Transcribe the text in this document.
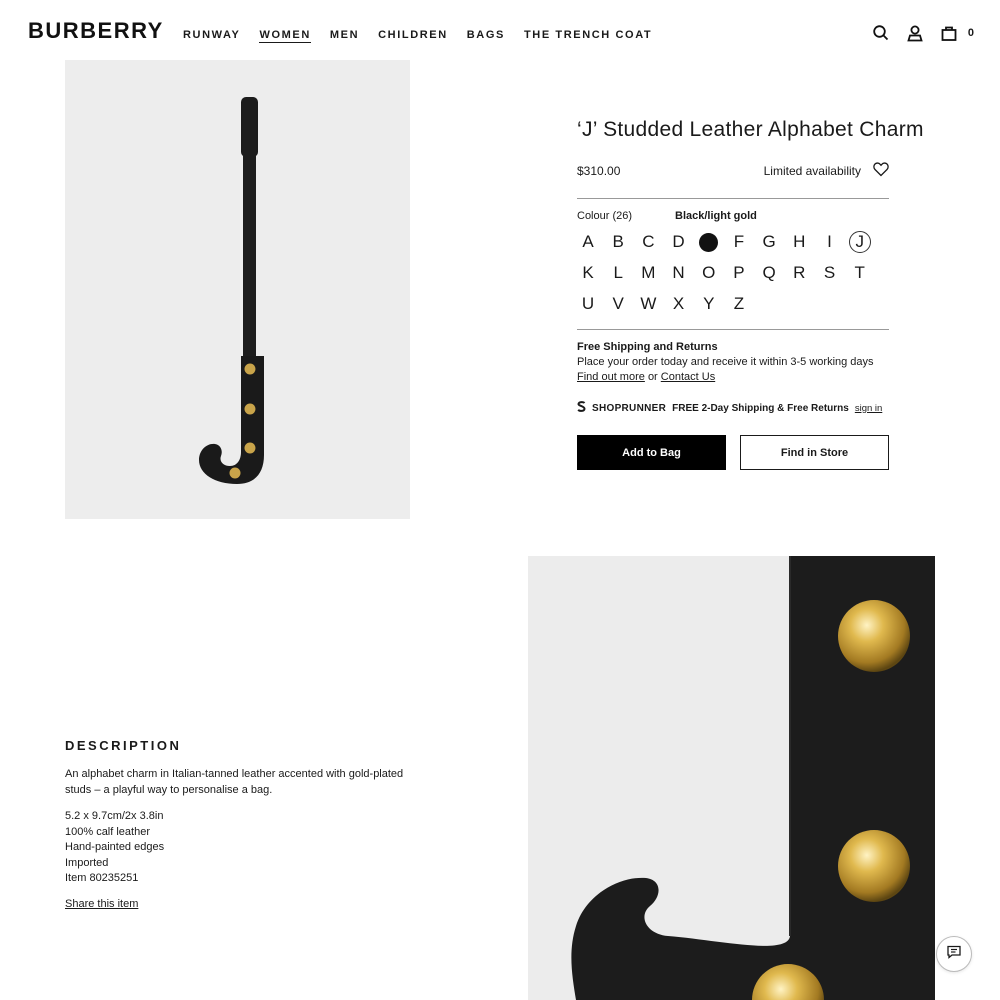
BURBERRY RUNWAY WOMEN MEN CHILDREN BAGS THE TRENCH COAT	0
‘J’ Studded Leather Alphabet Charm
$310.00	Limited availability
Colour (26)	Black/light gold
A	B	C D	F	G H	I	J
K	L	M N O	P	Q R	S	T
U	V W X	Y	Z
Free Shipping and Returns
Place your order today and receive it within 3-5 working days
Find out more or Contact Us
SHOPRUNNER FREE 2-Day Shipping & Free Returns sign in
Add to Bag	Find in Store
DESCRIPTION
An alphabet charm in Italian-tanned leather accented with gold-plated studs – a playful way to personalise a bag.
5.2 x 9.7cm/2x 3.8in
100% calf leather
Hand-painted edges
Imported
Item 80235251
Share this item
